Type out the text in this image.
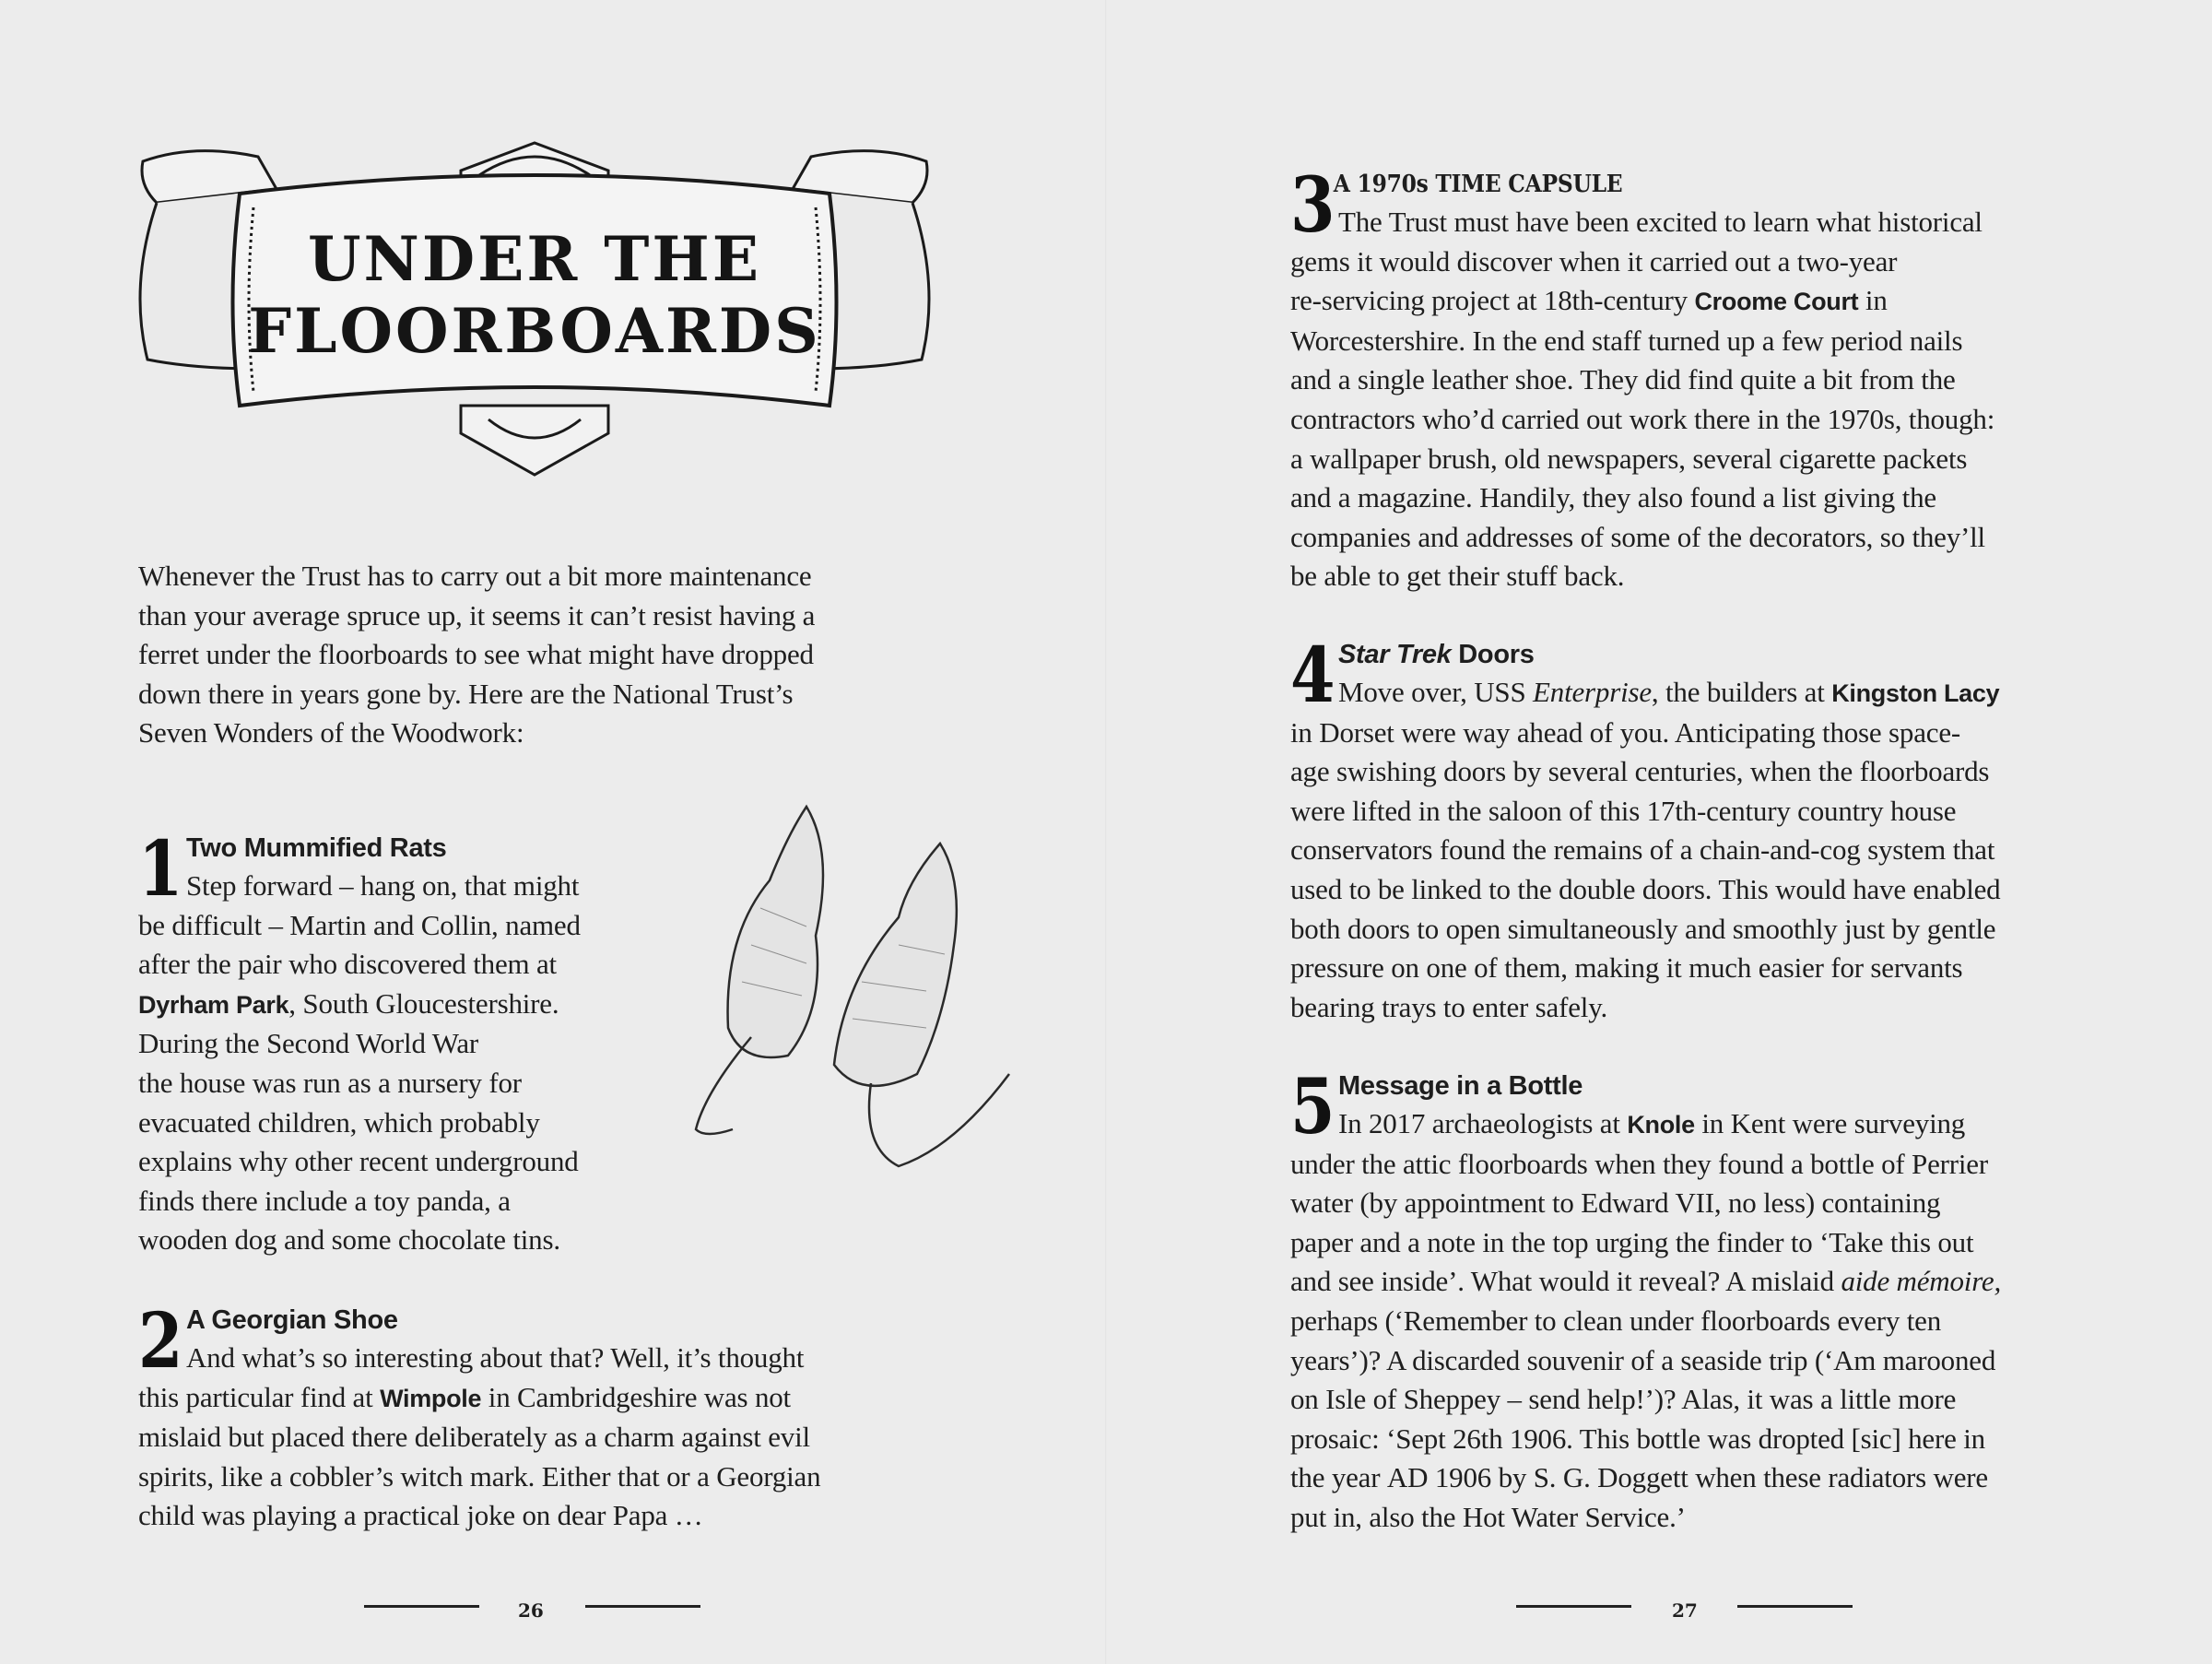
UNDER THE
FLOORBOARDS
Whenever the Trust has to carry out a bit more maintenance
than your average spruce up, it seems it can’t resist having a
ferret under the floorboards to see what might have dropped
down there in years gone by. Here are the National Trust’s
Seven Wonders of the Woodwork:
1 Two Mummified Rats
Step forward – hang on, that might
be difficult – Martin and Collin, named
after the pair who discovered them at
Dyrham Park, South Gloucestershire.
During the Second World War
the house was run as a nursery for
evacuated children, which probably
explains why other recent underground
finds there include a toy panda, a
wooden dog and some chocolate tins.
2 A Georgian Shoe
And what’s so interesting about that? Well, it’s thought
this particular find at Wimpole in Cambridgeshire was not
mislaid but placed there deliberately as a charm against evil
spirits, like a cobbler’s witch mark. Either that or a Georgian
child was playing a practical joke on dear Papa …
26
3
A 1970s TIME CAPSULE
The Trust must have been excited to learn what historical
gems it would discover when it carried out a two-year
re-servicing project at 18th-century Croome Court in
Worcestershire. In the end staff turned up a few period nails
and a single leather shoe. They did find quite a bit from the
contractors who’d carried out work there in the 1970s, though:
a wallpaper brush, old newspapers, several cigarette packets
and a magazine. Handily, they also found a list giving the
companies and addresses of some of the decorators, so they’ll
be able to get their stuff back.
4 Star Trek Doors
Move over, USS Enterprise, the builders at Kingston Lacy
in Dorset were way ahead of you. Anticipating those space-
age swishing doors by several centuries, when the floorboards
were lifted in the saloon of this 17th-century country house
conservators found the remains of a chain-and-cog system that
used to be linked to the double doors. This would have enabled
both doors to open simultaneously and smoothly just by gentle
pressure on one of them, making it much easier for servants
bearing trays to enter safely.
5 Message in a Bottle
In 2017 archaeologists at Knole in Kent were surveying
under the attic floorboards when they found a bottle of Perrier
water (by appointment to Edward VII, no less) containing
paper and a note in the top urging the finder to ‘Take this out
and see inside’. What would it reveal? A mislaid aide mémoire,
perhaps (‘Remember to clean under floorboards every ten
years’)? A discarded souvenir of a seaside trip (‘Am marooned
on Isle of Sheppey – send help!’)? Alas, it was a little more
prosaic: ‘Sept 26th 1906. This bottle was dropted [sic] here in
the year AD 1906 by S. G. Doggett when these radiators were
put in, also the Hot Water Service.’
27
